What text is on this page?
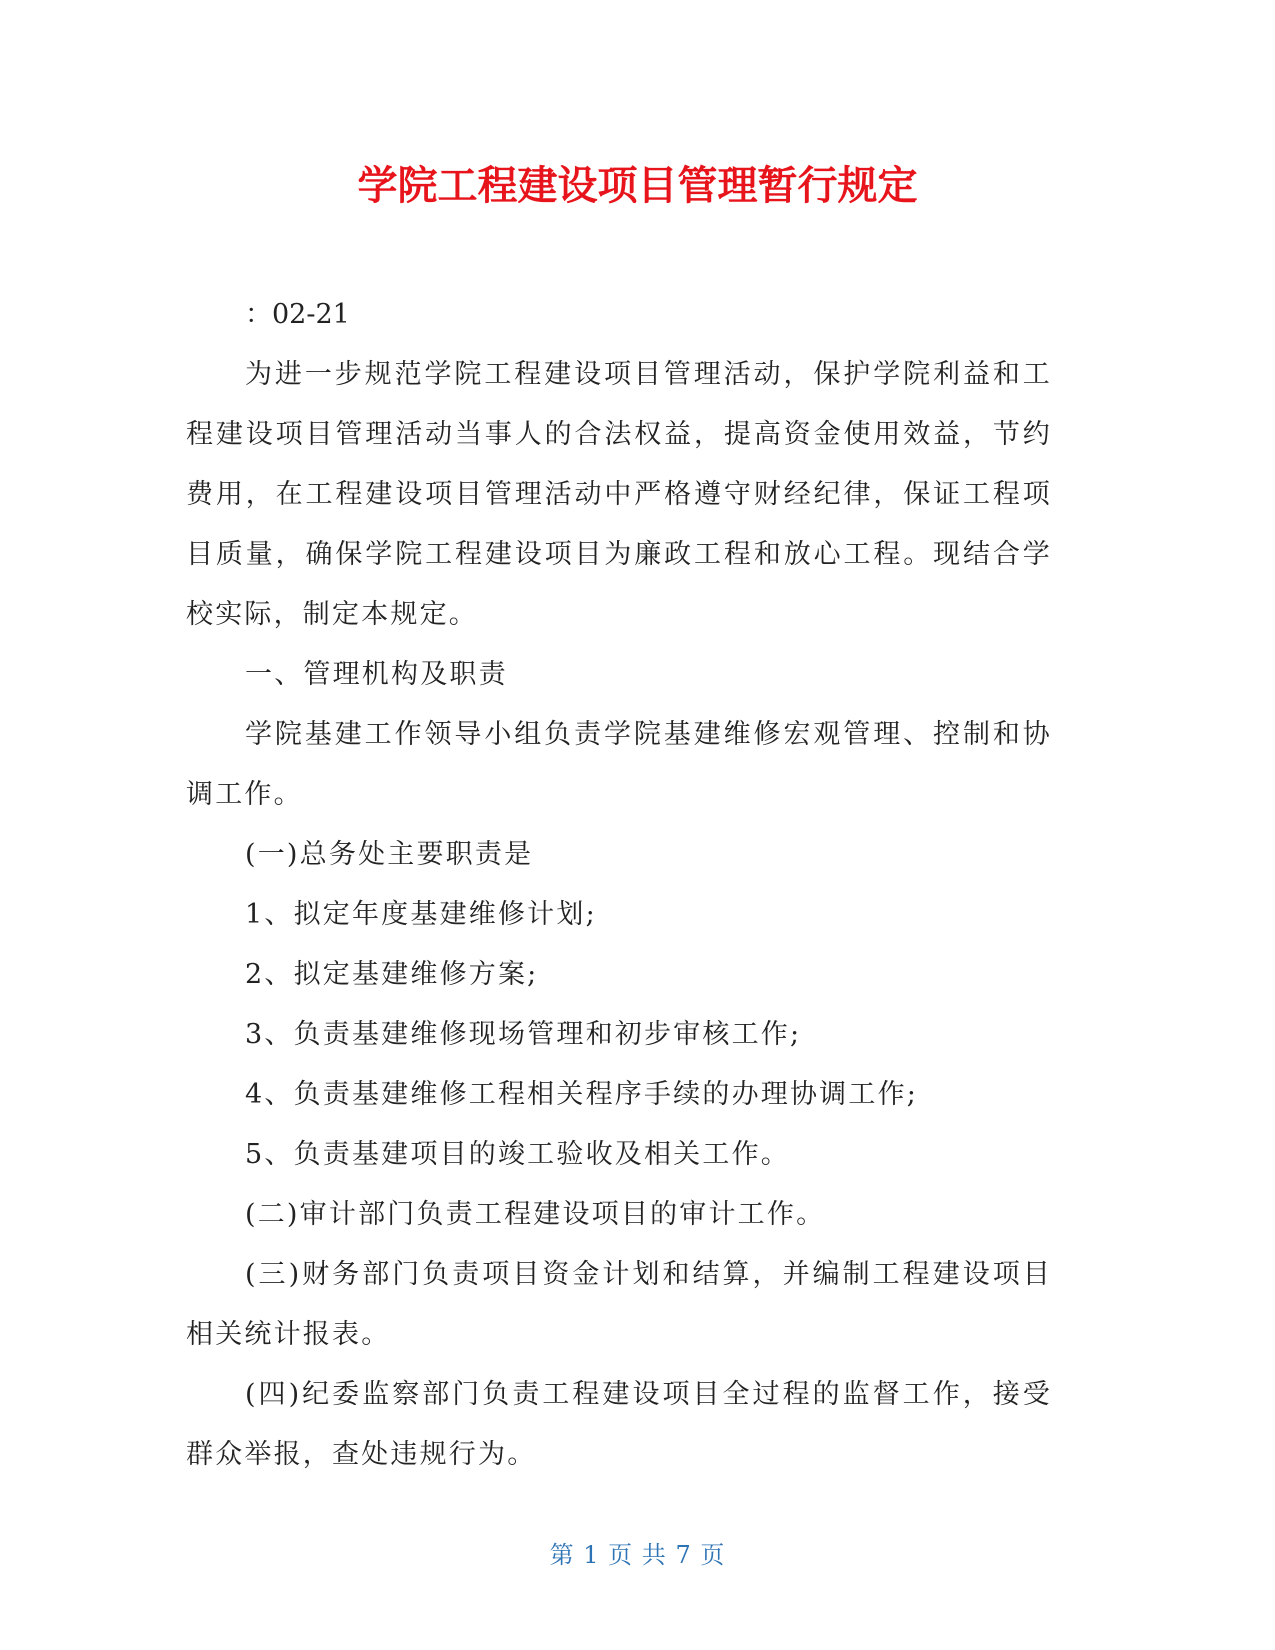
学院工程建设项目管理暂行规定

：02-21

为进一步规范学院工程建设项目管理活动，保护学院利益和工程建设项目管理活动当事人的合法权益，提高资金使用效益，节约费用，在工程建设项目管理活动中严格遵守财经纪律，保证工程项目质量，确保学院工程建设项目为廉政工程和放心工程。现结合学校实际，制定本规定。

一、管理机构及职责

学院基建工作领导小组负责学院基建维修宏观管理、控制和协调工作。

(一)总务处主要职责是

1、拟定年度基建维修计划;

2、拟定基建维修方案;

3、负责基建维修现场管理和初步审核工作;

4、负责基建维修工程相关程序手续的办理协调工作;

5、负责基建项目的竣工验收及相关工作。

(二)审计部门负责工程建设项目的审计工作。

(三)财务部门负责项目资金计划和结算，并编制工程建设项目相关统计报表。

(四)纪委监察部门负责工程建设项目全过程的监督工作，接受群众举报，查处违规行为。

第 1 页 共 7 页
